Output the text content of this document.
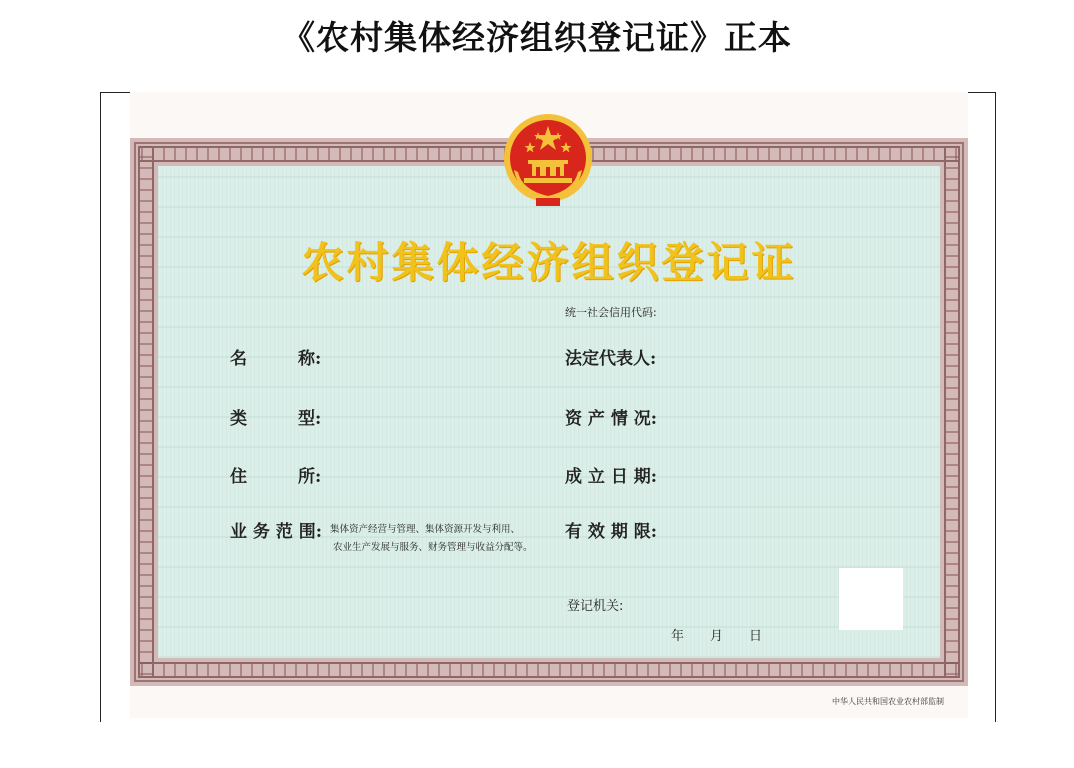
《农村集体经济组织登记证》正本
农村集体经济组织登记证
统一社会信用代码:
名　　　称:
类　　　型:
住　　　所:
业 务 范 围: 集体资产经营与管理、集体资源开发与利用、
农业生产发展与服务、财务管理与收益分配等。
法定代表人:
资 产 情 况:
成 立 日 期:
有 效 期 限:
登记机关:
年　　月　　日
中华人民共和国农业农村部监制
